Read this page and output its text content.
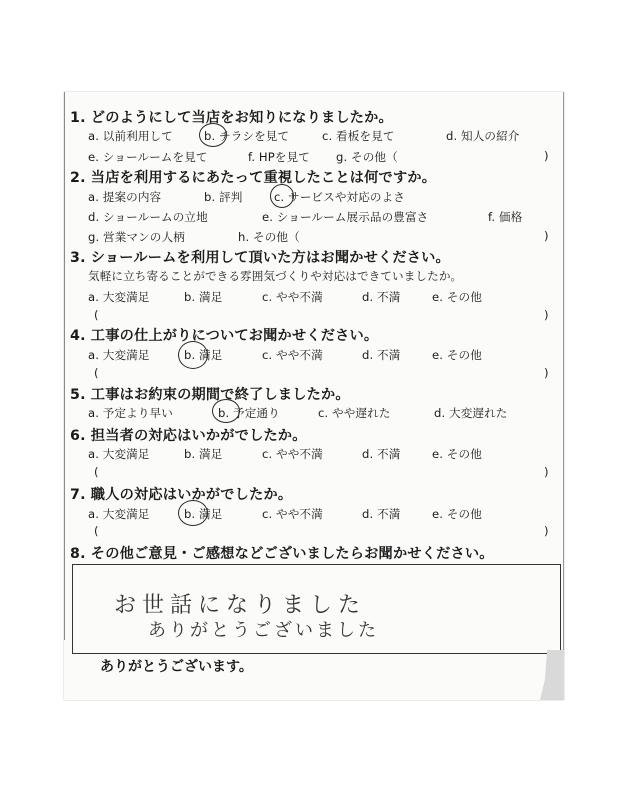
1. どのようにして当店をお知りになりましたか。
a. 以前利用して	b. チラシを見て	c. 看板を見て	d. 知人の紹介
e. ショールームを見て	f. HPを見て g. その他（	)
2. 当店を利用するにあたって重視したことは何ですか。
a. 提案の内容	b. 評判	c. サービスや対応のよさ
d. ショールームの立地	e. ショールーム展示品の豊富さ	f. 価格
g. 営業マンの人柄	h. その他（	)
3. ショールームを利用して頂いた方はお聞かせください。
気軽に立ち寄ることができる雰囲気づくりや対応はできていましたか。
a. 大変満足	b. 満足	c. やや不満	d. 不満	e. その他
(	)
4. 工事の仕上がりについてお聞かせください。
a. 大変満足	b. 満足	c. やや不満	d. 不満	e. その他
(	)
5. 工事はお約束の期間で終了しましたか。
a. 予定より早い	b. 予定通り	c. やや遅れた	d. 大変遅れた
6. 担当者の対応はいかがでしたか。
a. 大変満足	b. 満足	c. やや不満	d. 不満	e. その他
(	)
7. 職人の対応はいかがでしたか。
a. 大変満足	b. 満足	c. やや不満	d. 不満	e. その他
(	)
8. その他ご意見・ご感想などございましたらお聞かせください。
お世話になりました
ありがとうございました
ありがとうございます。
